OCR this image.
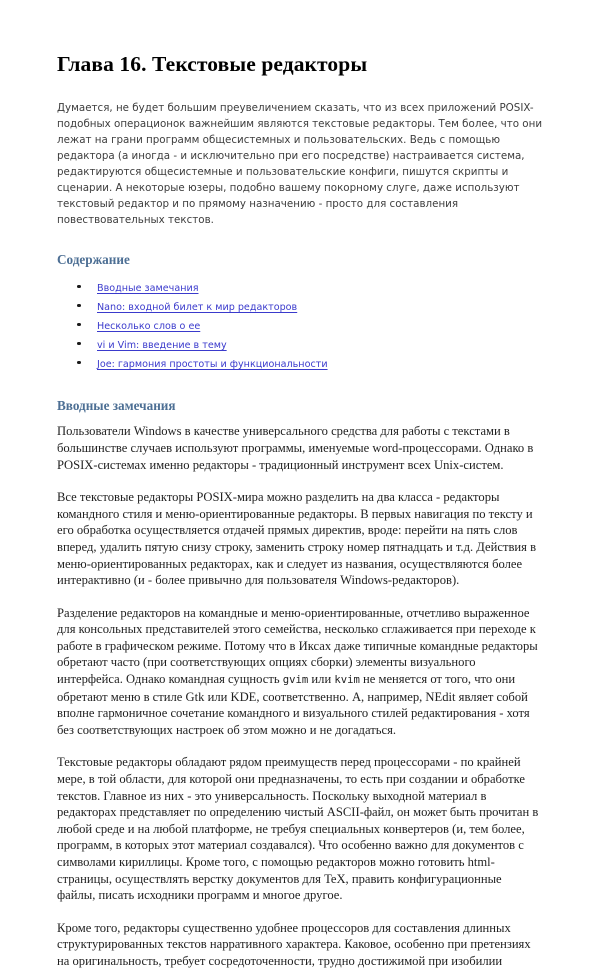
Глава 16. Текстовые редакторы

Думается, не будет большим преувеличением сказать, что из всех приложений POSIX-подобных операционок важнейшим являются текстовые редакторы. Тем более, что они лежат на грани программ общесистемных и пользовательских. Ведь с помощью редактора (а иногда - и исключительно при его посредстве) настраивается система, редактируются общесистемные и пользовательские конфиги, пишутся скрипты и сценарии. А некоторые юзеры, подобно вашему покорному слуге, даже используют текстовый редактор и по прямому назначению - просто для составления повествовательных текстов.

Содержание
Вводные замечания
Nano: входной билет к мир редакторов
Несколько слов о ее
vi и Vim: введение в тему
Joe: гармония простоты и функциональности
Вводные замечания

Пользователи Windows в качестве универсального средства для работы с текстами в большинстве случаев используют программы, именуемые word-процессорами. Однако в POSIX-системах именно редакторы - традиционный инструмент всех Unix-систем.

Все текстовые редакторы POSIX-мира можно разделить на два класса - редакторы командного стиля и меню-ориентированные редакторы. В первых навигация по тексту и его обработка осуществляется отдачей прямых директив, вроде: перейти на пять слов вперед, удалить пятую снизу строку, заменить строку номер пятнадцать и т.д. Действия в меню-ориентированных редакторах, как и следует из названия, осуществляются более интерактивно (и - более привычно для пользователя Windows-редакторов).

Разделение редакторов на командные и меню-ориентированные, отчетливо выраженное для консольных представителей этого семейства, несколько сглаживается при переходе к работе в графическом режиме. Потому что в Иксах даже типичные командные редакторы обретают часто (при соответствующих опциях сборки) элементы визуального интерфейса. Однако командная сущность gvim или kvim не меняется от того, что они обретают меню в стиле Gtk или KDE, соответственно. А, например, NEdit являет собой вполне гармоничное сочетание командного и визуального стилей редактирования - хотя без соответствующих настроек об этом можно и не догадаться.

Текстовые редакторы обладают рядом преимуществ перед процессорами - по крайней мере, в той области, для которой они предназначены, то есть при создании и обработке текстов. Главное из них - это универсальность. Поскольку выходной материал в редакторах представляет по определению чистый ASCII-файл, он может быть прочитан в любой среде и на любой платформе, не требуя специальных конвертеров (и, тем более, программ, в которых этот материал создавался). Что особенно важно для документов с символами кириллицы. Кроме того, с помощью редакторов можно готовить html-страницы, осуществлять верстку документов для TeX, править конфигурационные файлы, писать исходники программ и многое другое.

Кроме того, редакторы существенно удобнее процессоров для составления длинных структурированных текстов нарративного характера. Каковое, особенно при претензиях на оригинальность, требует сосредоточенности, трудно достижимой при изобилии
